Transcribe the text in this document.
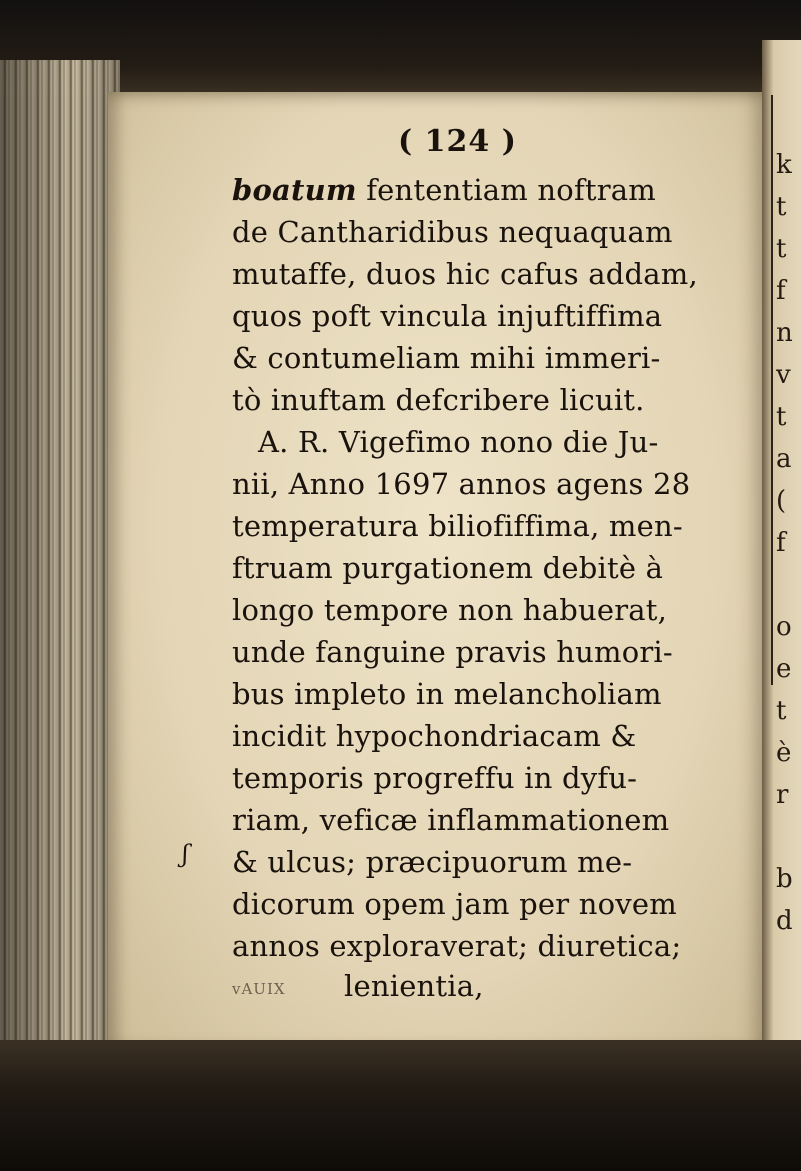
( 124 )
boatum fententiam noftram
de Cantharidibus nequaquam
mutaffe, duos hic cafus addam,
quos poft vincula injuftiffima
& contumeliam mihi immeri-
tò inuftam defcribere licuit.
A. R. Vigefimo nono die Ju-
nii, Anno 1697 annos agens 28
temperatura biliofiffima, men-
ftruam purgationem debitè à
longo tempore non habuerat,
unde fanguine pravis humori-
bus impleto in melancholiam
incidit hypochondriacam &
temporis progreffu in dyfu-
riam, veficæ inflammationem
& ulcus; præcipuorum me-
dicorum opem jam per novem
annos exploraverat; diuretica;
vAUIX lenientia,
k
t
t
f
n
v
t
a
(
f
o
e
t
è
r
b
d
ʃ
